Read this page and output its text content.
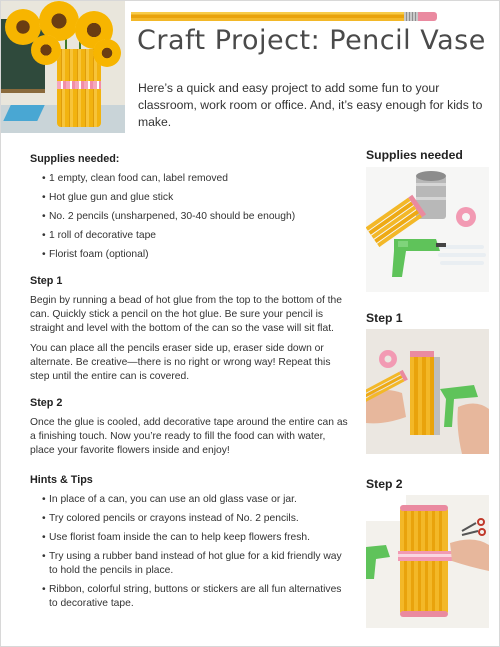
Craft Project: Pencil Vase

Here’s a quick and easy project to add some fun to your classroom, work room or office. And, it’s easy enough for kids to make.

Supplies needed:
• 1 empty, clean food can, label removed
• Hot glue gun and glue stick
• No. 2 pencils (unsharpened, 30-40 should be enough)
• 1 roll of decorative tape
• Florist foam (optional)
Step 1

Begin by running a bead of hot glue from the top to the bottom of the can. Quickly stick a pencil on the hot glue. Be sure your pencil is straight and level with the bottom of the can so the vase will sit flat.

You can place all the pencils eraser side up, eraser side down or alternate. Be creative—there is no right or wrong way! Repeat this step until the entire can is covered.

Step 2

Once the glue is cooled, add decorative tape around the entire can as a finishing touch. Now you’re ready to fill the food can with water, place your favorite flowers inside and enjoy!

Hints & Tips
• In place of a can, you can use an old glass vase or jar.
• Try colored pencils or crayons instead of No. 2 pencils.
• Use florist foam inside the can to help keep flowers fresh.
• Try using a rubber band instead of hot glue for a kid friendly way to hold the pencils in place.
• Ribbon, colorful string, buttons or stickers are all fun alternatives to decorative tape.
Supplies needed
Step 1
Step 2
